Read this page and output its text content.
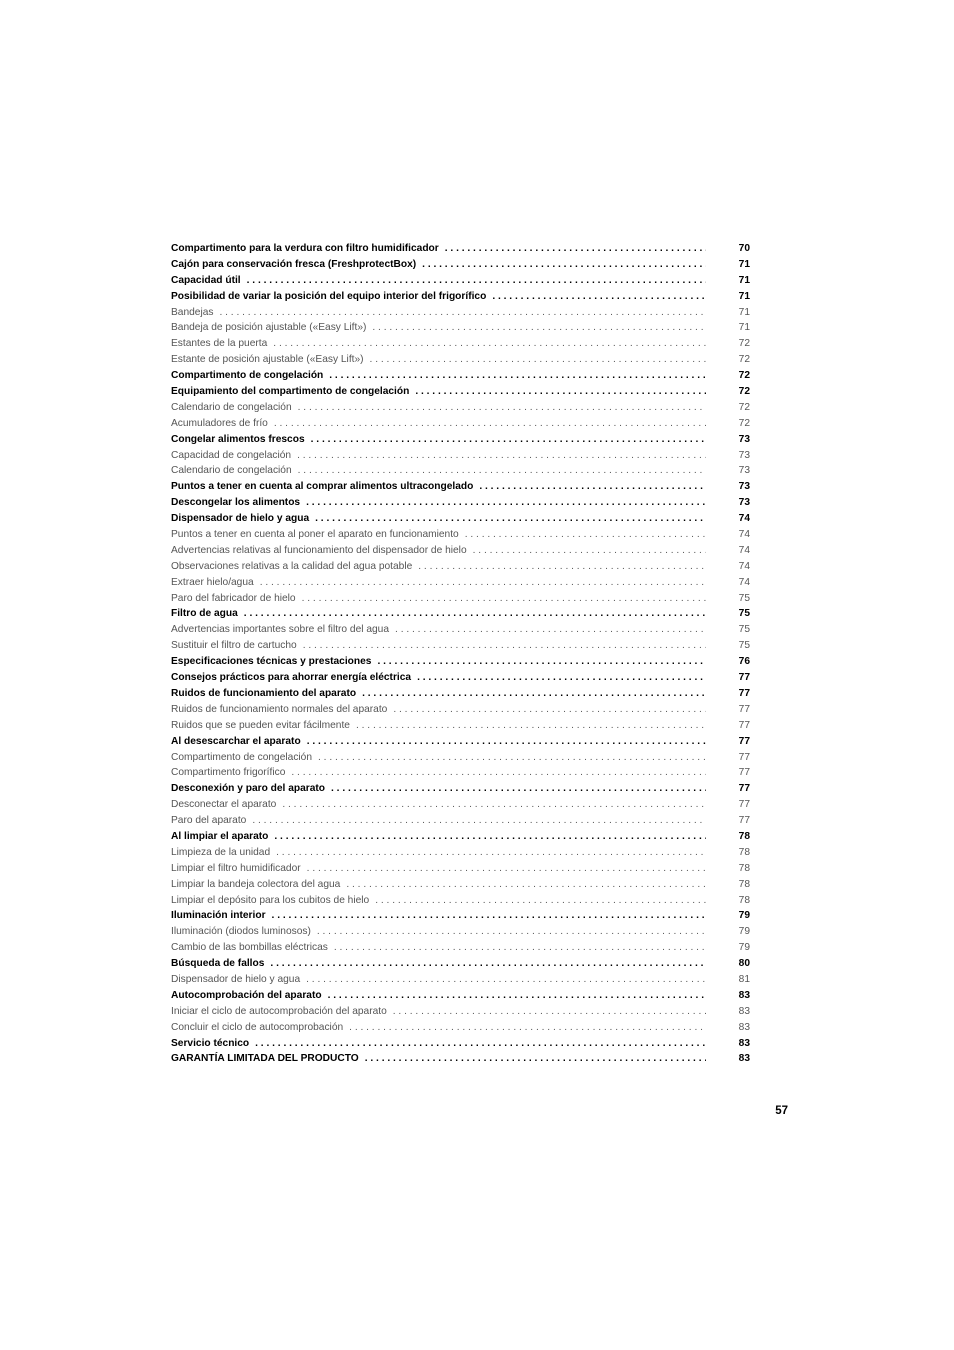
Compartimento para la verdura con filtro humidificador . . .	70
Cajón para conservación fresca (FreshprotectBox) . . .	71
Capacidad útil . . .	71
Posibilidad de variar la posición del equipo interior del frigorífico . . .	71
Bandejas . . .	71
Bandeja de posición ajustable («Easy Lift») . . .	71
Estantes de la puerta . . .	72
Estante de posición ajustable («Easy Lift») . . .	72
Compartimento de congelación . . .	72
Equipamiento del compartimento de congelación . . .	72
Calendario de congelación . . .	72
Acumuladores de frío . . .	72
Congelar alimentos frescos . . .	73
Capacidad de congelación . . .	73
Calendario de congelación . . .	73
Puntos a tener en cuenta al comprar alimentos ultracongelado . . .	73
Descongelar los alimentos . . .	73
Dispensador de hielo y agua . . .	74
Puntos a tener en cuenta al poner el aparato en funcionamiento . . .	74
Advertencias relativas al funcionamiento del dispensador de hielo . . .	74
Observaciones relativas a la calidad del agua potable . . .	74
Extraer hielo/agua . . .	74
Paro del fabricador de hielo . . .	75
Filtro de agua . . .	75
Advertencias importantes sobre el filtro del agua . . .	75
Sustituir el filtro de cartucho . . .	75
Especificaciones técnicas y prestaciones . . .	76
Consejos prácticos para ahorrar energía eléctrica . . .	77
Ruidos de funcionamiento del aparato . . .	77
Ruidos de funcionamiento normales del aparato . . .	77
Ruidos que se pueden evitar fácilmente . . .	77
Al desescarchar el aparato . . .	77
Compartimento de congelación . . .	77
Compartimento frigorífico . . .	77
Desconexión y paro del aparato . . .	77
Desconectar el aparato . . .	77
Paro del aparato . . .	77
Al limpiar el aparato . . .	78
Limpieza de la unidad . . .	78
Limpiar el filtro humidificador . . .	78
Limpiar la bandeja colectora del agua . . .	78
Limpiar el depósito para los cubitos de hielo . . .	78
Iluminación interior . . .	79
Iluminación (diodos luminosos) . . .	79
Cambio de las bombillas eléctricas . . .	79
Búsqueda de fallos . . .	80
Dispensador de hielo y agua . . .	81
Autocomprobación del aparato . . .	83
Iniciar el ciclo de autocomprobación del aparato . . .	83
Concluir el ciclo de autocomprobación . . .	83
Servicio técnico . . .	83
GARANTÍA LIMITADA DEL PRODUCTO . . .	83
57
